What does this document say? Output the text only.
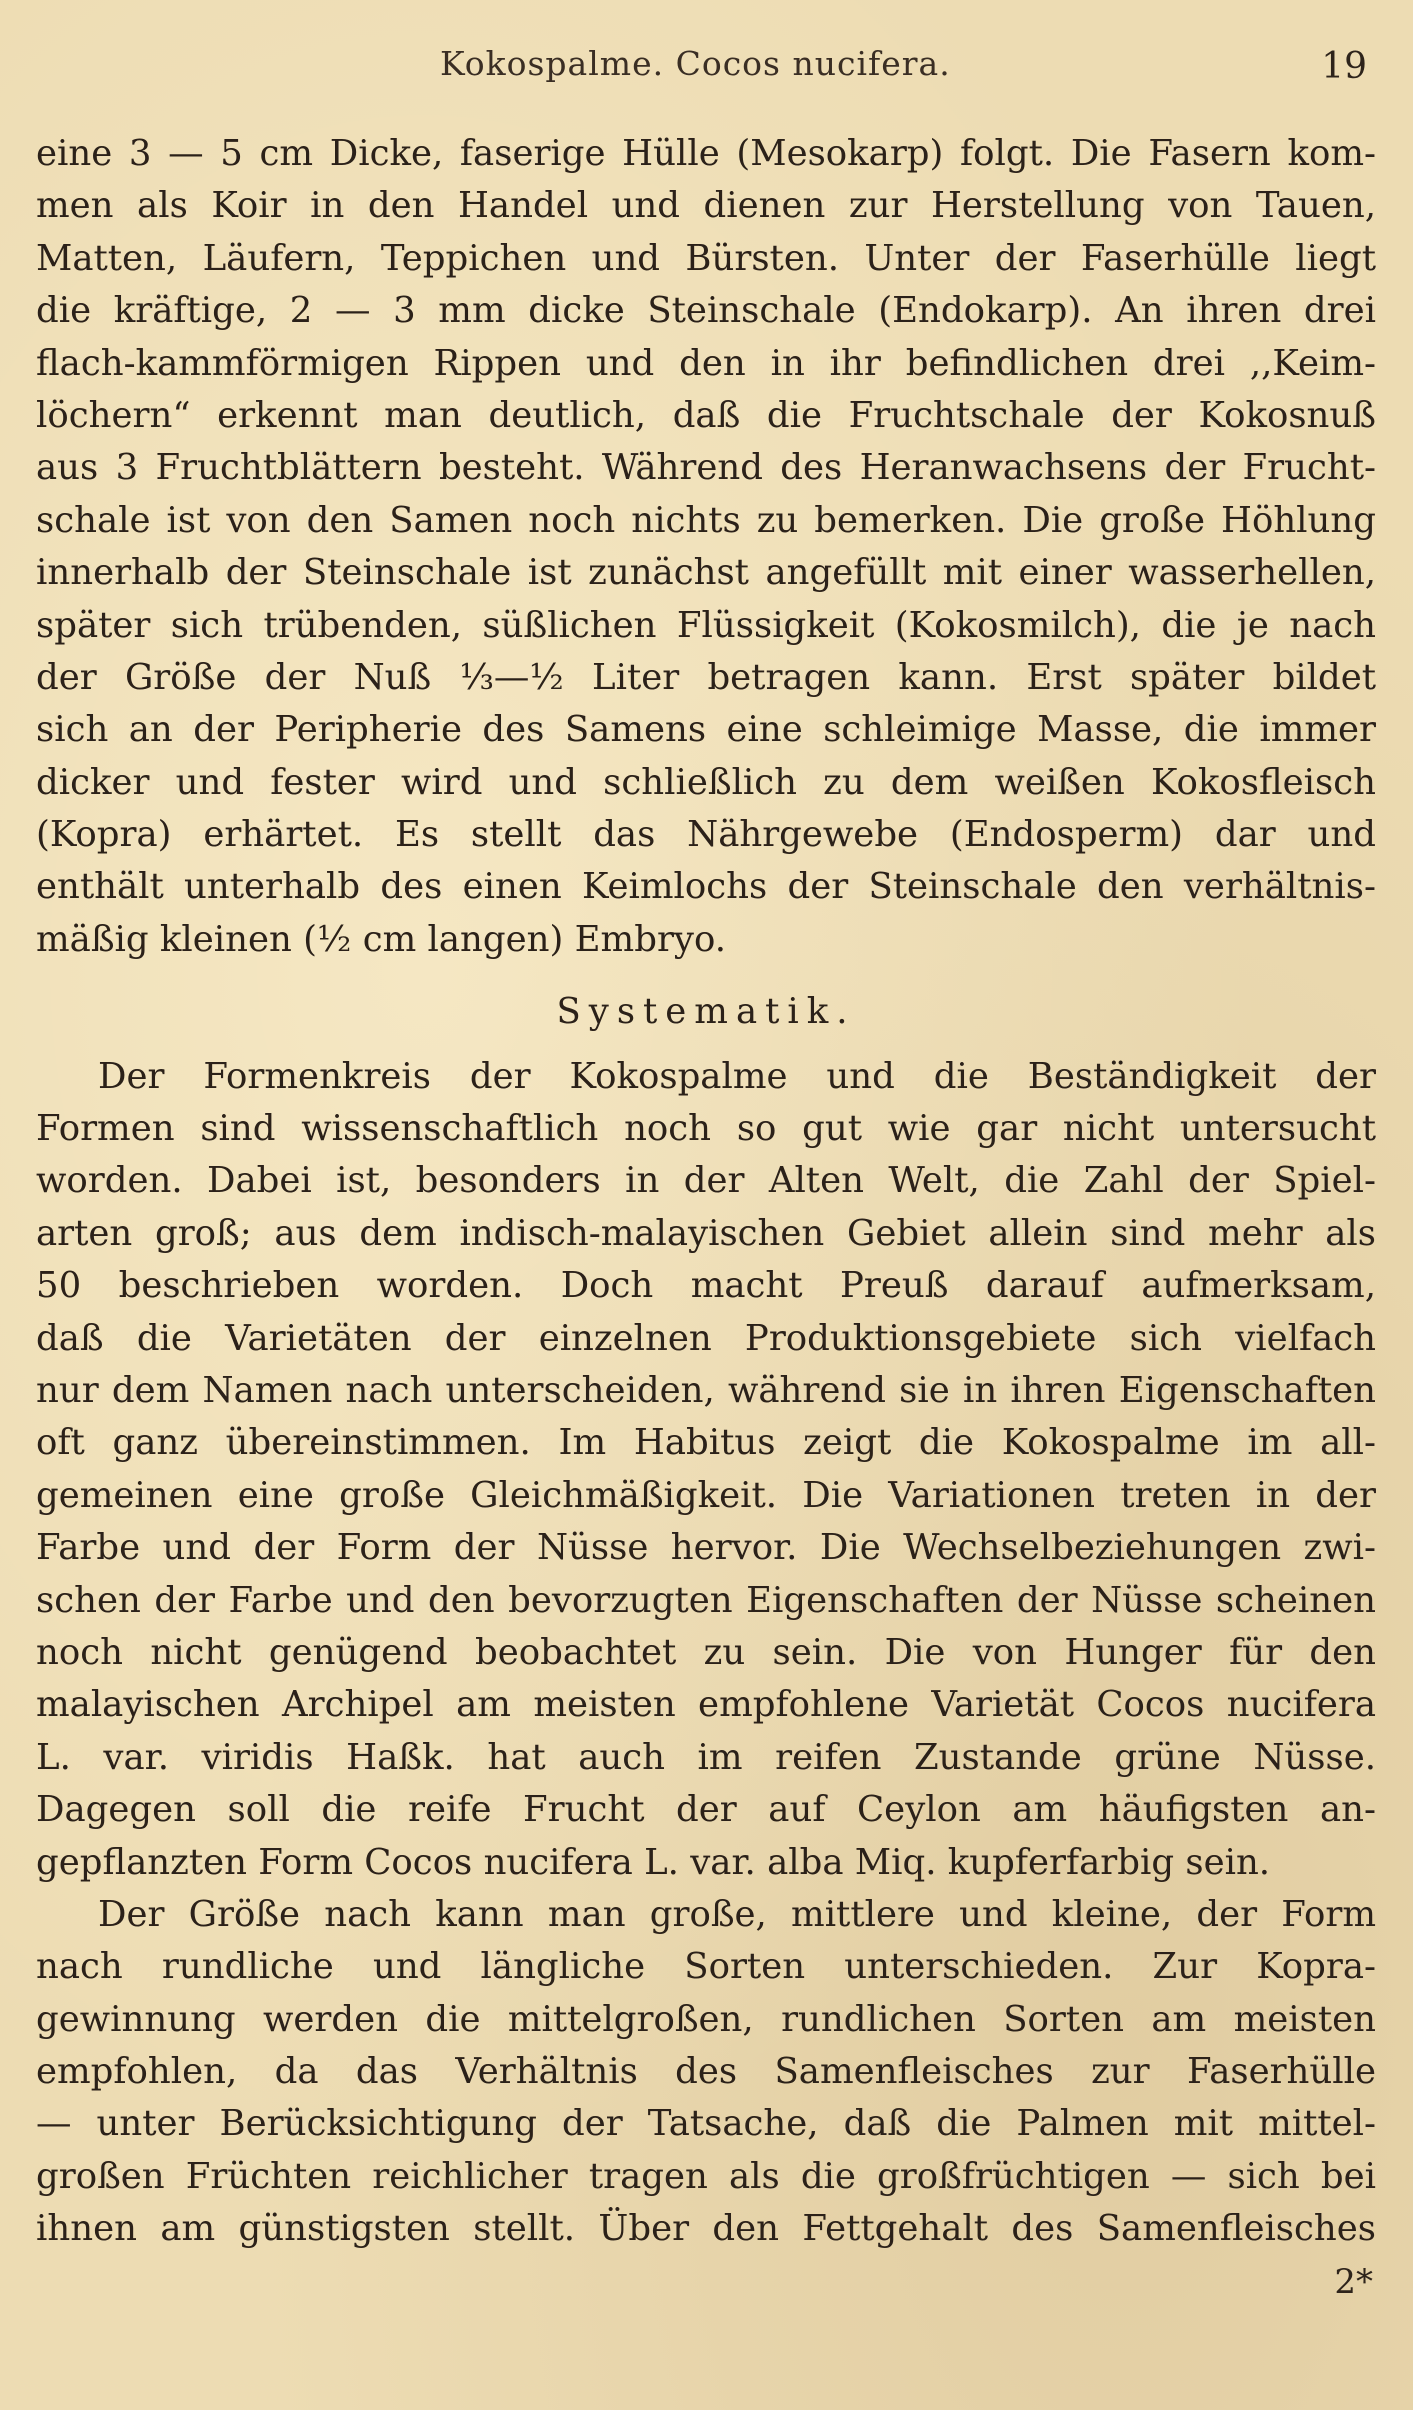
Kokospalme. Cocos nucifera.	19
eine 3 — 5 cm Dicke, faserige Hülle (Mesokarp) folgt. Die Fasern kom-
men als Koir in den Handel und dienen zur Herstellung von Tauen,
Matten, Läufern, Teppichen und Bürsten. Unter der Faserhülle liegt
die kräftige, 2 — 3 mm dicke Steinschale (Endokarp). An ihren drei
flach-kammförmigen Rippen und den in ihr befindlichen drei ,,Keim-
löchern“ erkennt man deutlich, daß die Fruchtschale der Kokosnuß
aus 3 Fruchtblättern besteht. Während des Heranwachsens der Frucht-
schale ist von den Samen noch nichts zu bemerken. Die große Höhlung
innerhalb der Steinschale ist zunächst angefüllt mit einer wasserhellen,
später sich trübenden, süßlichen Flüssigkeit (Kokosmilch), die je nach
der Größe der Nuß ⅓—½ Liter betragen kann. Erst später bildet
sich an der Peripherie des Samens eine schleimige Masse, die immer
dicker und fester wird und schließlich zu dem weißen Kokosfleisch
(Kopra) erhärtet. Es stellt das Nährgewebe (Endosperm) dar und
enthält unterhalb des einen Keimlochs der Steinschale den verhältnis-
mäßig kleinen (½ cm langen) Embryo.
Systematik.
Der Formenkreis der Kokospalme und die Beständigkeit der
Formen sind wissenschaftlich noch so gut wie gar nicht untersucht
worden. Dabei ist, besonders in der Alten Welt, die Zahl der Spiel-
arten groß; aus dem indisch-malayischen Gebiet allein sind mehr als
50 beschrieben worden. Doch macht Preuß darauf aufmerksam,
daß die Varietäten der einzelnen Produktionsgebiete sich vielfach
nur dem Namen nach unterscheiden, während sie in ihren Eigenschaften
oft ganz übereinstimmen. Im Habitus zeigt die Kokospalme im all-
gemeinen eine große Gleichmäßigkeit. Die Variationen treten in der
Farbe und der Form der Nüsse hervor. Die Wechselbeziehungen zwi-
schen der Farbe und den bevorzugten Eigenschaften der Nüsse scheinen
noch nicht genügend beobachtet zu sein. Die von Hunger für den
malayischen Archipel am meisten empfohlene Varietät Cocos nucifera
L. var. viridis Haßk. hat auch im reifen Zustande grüne Nüsse.
Dagegen soll die reife Frucht der auf Ceylon am häufigsten an-
gepflanzten Form Cocos nucifera L. var. alba Miq. kupferfarbig sein.
Der Größe nach kann man große, mittlere und kleine, der Form
nach rundliche und längliche Sorten unterschieden. Zur Kopra-
gewinnung werden die mittelgroßen, rundlichen Sorten am meisten
empfohlen, da das Verhältnis des Samenfleisches zur Faserhülle
— unter Berücksichtigung der Tatsache, daß die Palmen mit mittel-
großen Früchten reichlicher tragen als die großfrüchtigen — sich bei
ihnen am günstigsten stellt. Über den Fettgehalt des Samenfleisches
2*
